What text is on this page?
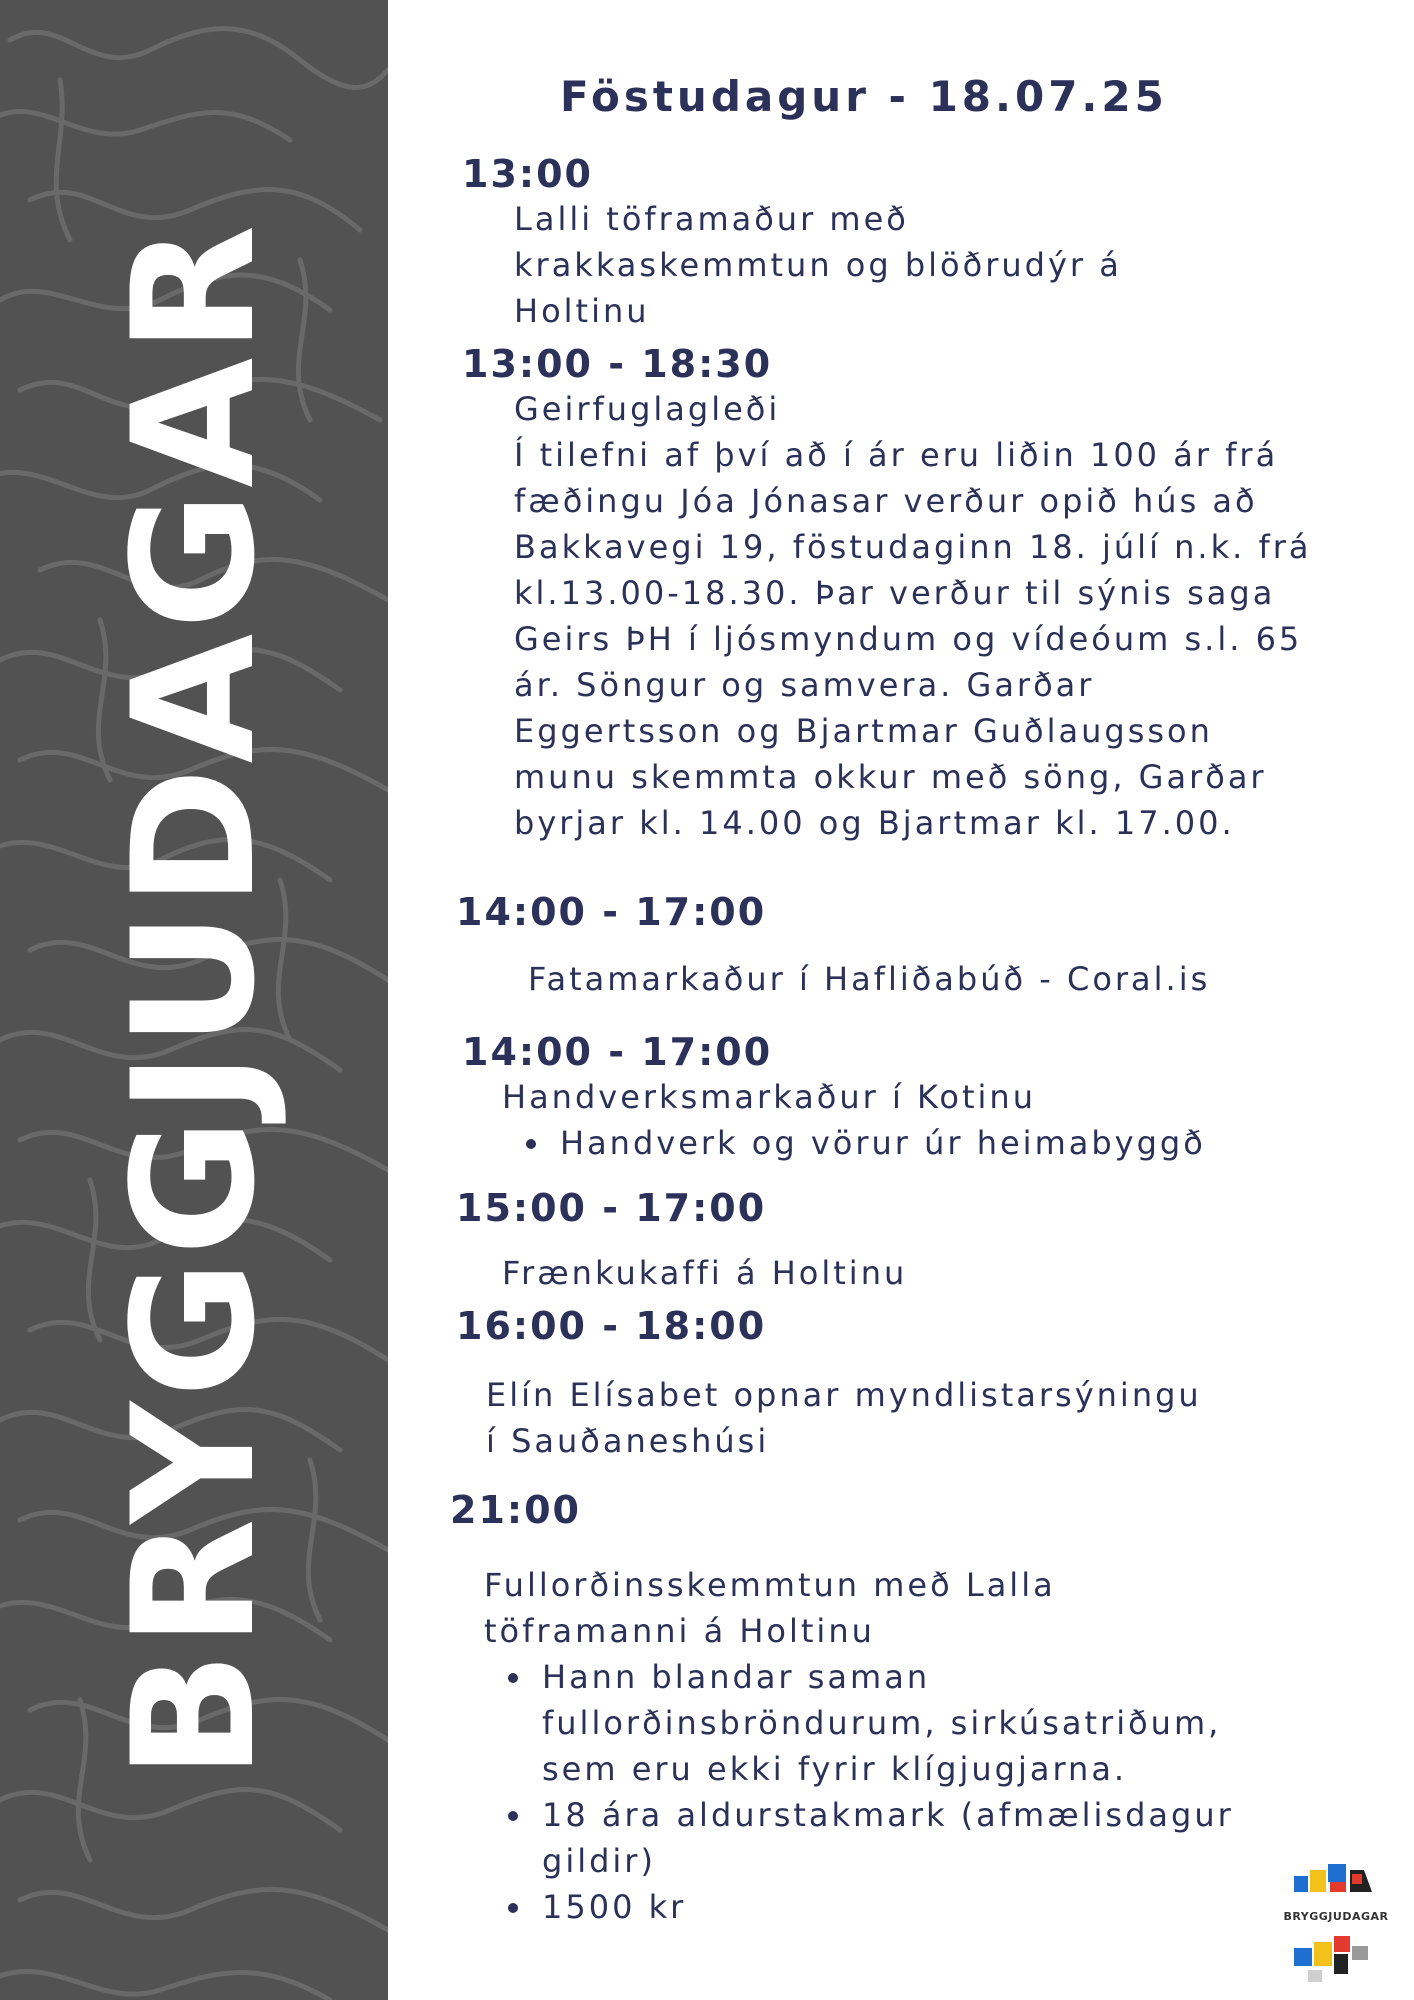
BRYGGJUDAGAR
Föstudagur - 18.07.25
13:00
Lalli töframaður með
krakkaskemmtun og blöðrudýr á
Holtinu
13:00 - 18:30
Geirfuglagleði
Í tilefni af því að í ár eru liðin 100 ár frá
fæðingu Jóa Jónasar verður opið hús að
Bakkavegi 19, föstudaginn 18. júlí n.k. frá
kl.13.00-18.30. Þar verður til sýnis saga
Geirs ÞH í ljósmyndum og vídeóum s.l. 65
ár. Söngur og samvera. Garðar
Eggertsson og Bjartmar Guðlaugsson
munu skemmta okkur með söng, Garðar
byrjar kl. 14.00 og Bjartmar kl. 17.00.
14:00 - 17:00
Fatamarkaður í Hafliðabúð - Coral.is
14:00 - 17:00
Handverksmarkaður í Kotinu
Handverk og vörur úr heimabyggð
15:00 - 17:00
Frænkukaffi á Holtinu
16:00 - 18:00
Elín Elísabet opnar myndlistarsýningu
í Sauðaneshúsi
21:00
Fullorðinsskemmtun með Lalla
töframanni á Holtinu
Hann blandar saman
fullorðinsbröndurum, sirkúsatriðum,
sem eru ekki fyrir klígjugjarna.
18 ára aldurstakmark (afmælisdagur
gildir)
1500 kr	BRYGGJUDAGAR
